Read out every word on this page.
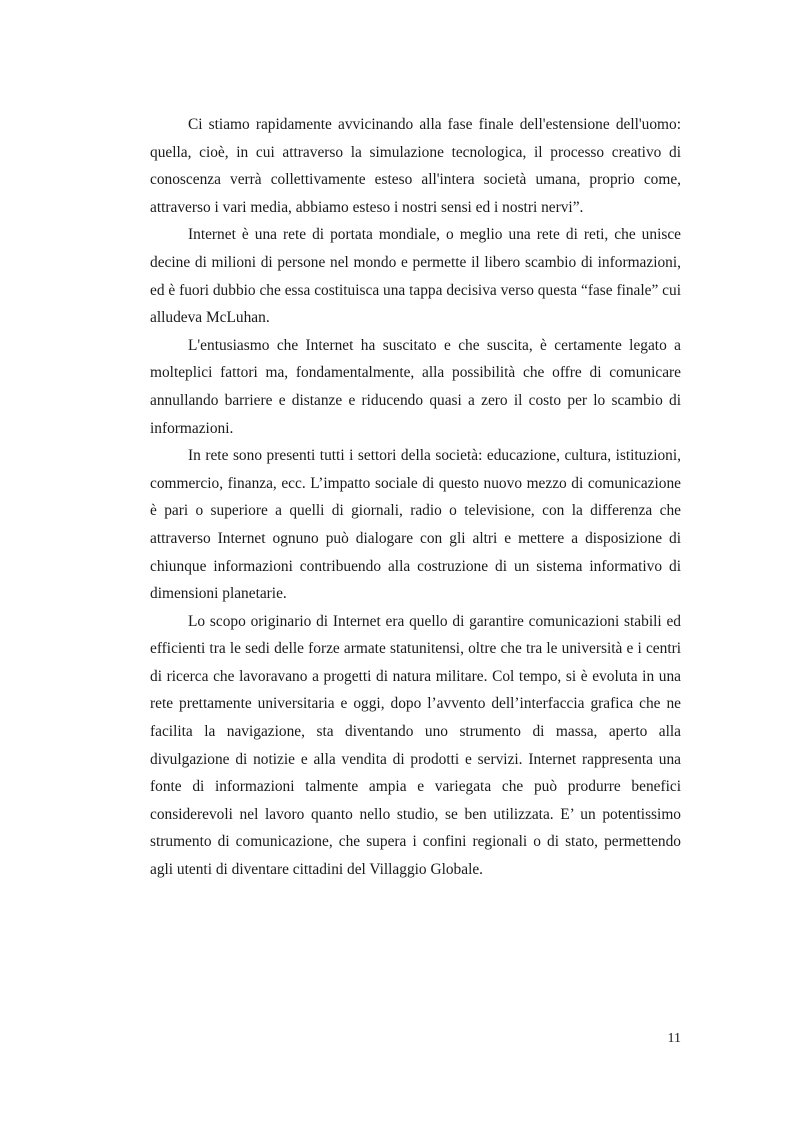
Ci stiamo rapidamente avvicinando alla fase finale dell'estensione dell'uomo: quella, cioè, in cui attraverso la simulazione tecnologica, il processo creativo di conoscenza verrà collettivamente esteso all'intera società umana, proprio come, attraverso i vari media, abbiamo esteso i nostri sensi ed i nostri nervi”.

Internet è una rete di portata mondiale, o meglio una rete di reti, che unisce decine di milioni di persone nel mondo e permette il libero scambio di informazioni, ed è fuori dubbio che essa costituisca una tappa decisiva verso questa “fase finale” cui alludeva McLuhan.

L'entusiasmo che Internet ha suscitato e che suscita, è certamente legato a molteplici fattori ma, fondamentalmente, alla possibilità che offre di comunicare annullando barriere e distanze e riducendo quasi a zero il costo per lo scambio di informazioni.

In rete sono presenti tutti i settori della società: educazione, cultura, istituzioni, commercio, finanza, ecc. L’impatto sociale di questo nuovo mezzo di comunicazione è pari o superiore a quelli di giornali, radio o televisione, con la differenza che attraverso Internet ognuno può dialogare con gli altri e mettere a disposizione di chiunque informazioni contribuendo alla costruzione di un sistema informativo di dimensioni planetarie.

Lo scopo originario di Internet era quello di garantire comunicazioni stabili ed efficienti tra le sedi delle forze armate statunitensi, oltre che tra le università e i centri di ricerca che lavoravano a progetti di natura militare. Col tempo, si è evoluta in una rete prettamente universitaria e oggi, dopo l’avvento dell’interfaccia grafica che ne facilita la navigazione, sta diventando uno strumento di massa, aperto alla divulgazione di notizie e alla vendita di prodotti e servizi. Internet rappresenta una fonte di informazioni talmente ampia e variegata che può produrre benefici considerevoli nel lavoro quanto nello studio, se ben utilizzata. E’ un potentissimo strumento di comunicazione, che supera i confini regionali o di stato, permettendo agli utenti di diventare cittadini del Villaggio Globale.

11
